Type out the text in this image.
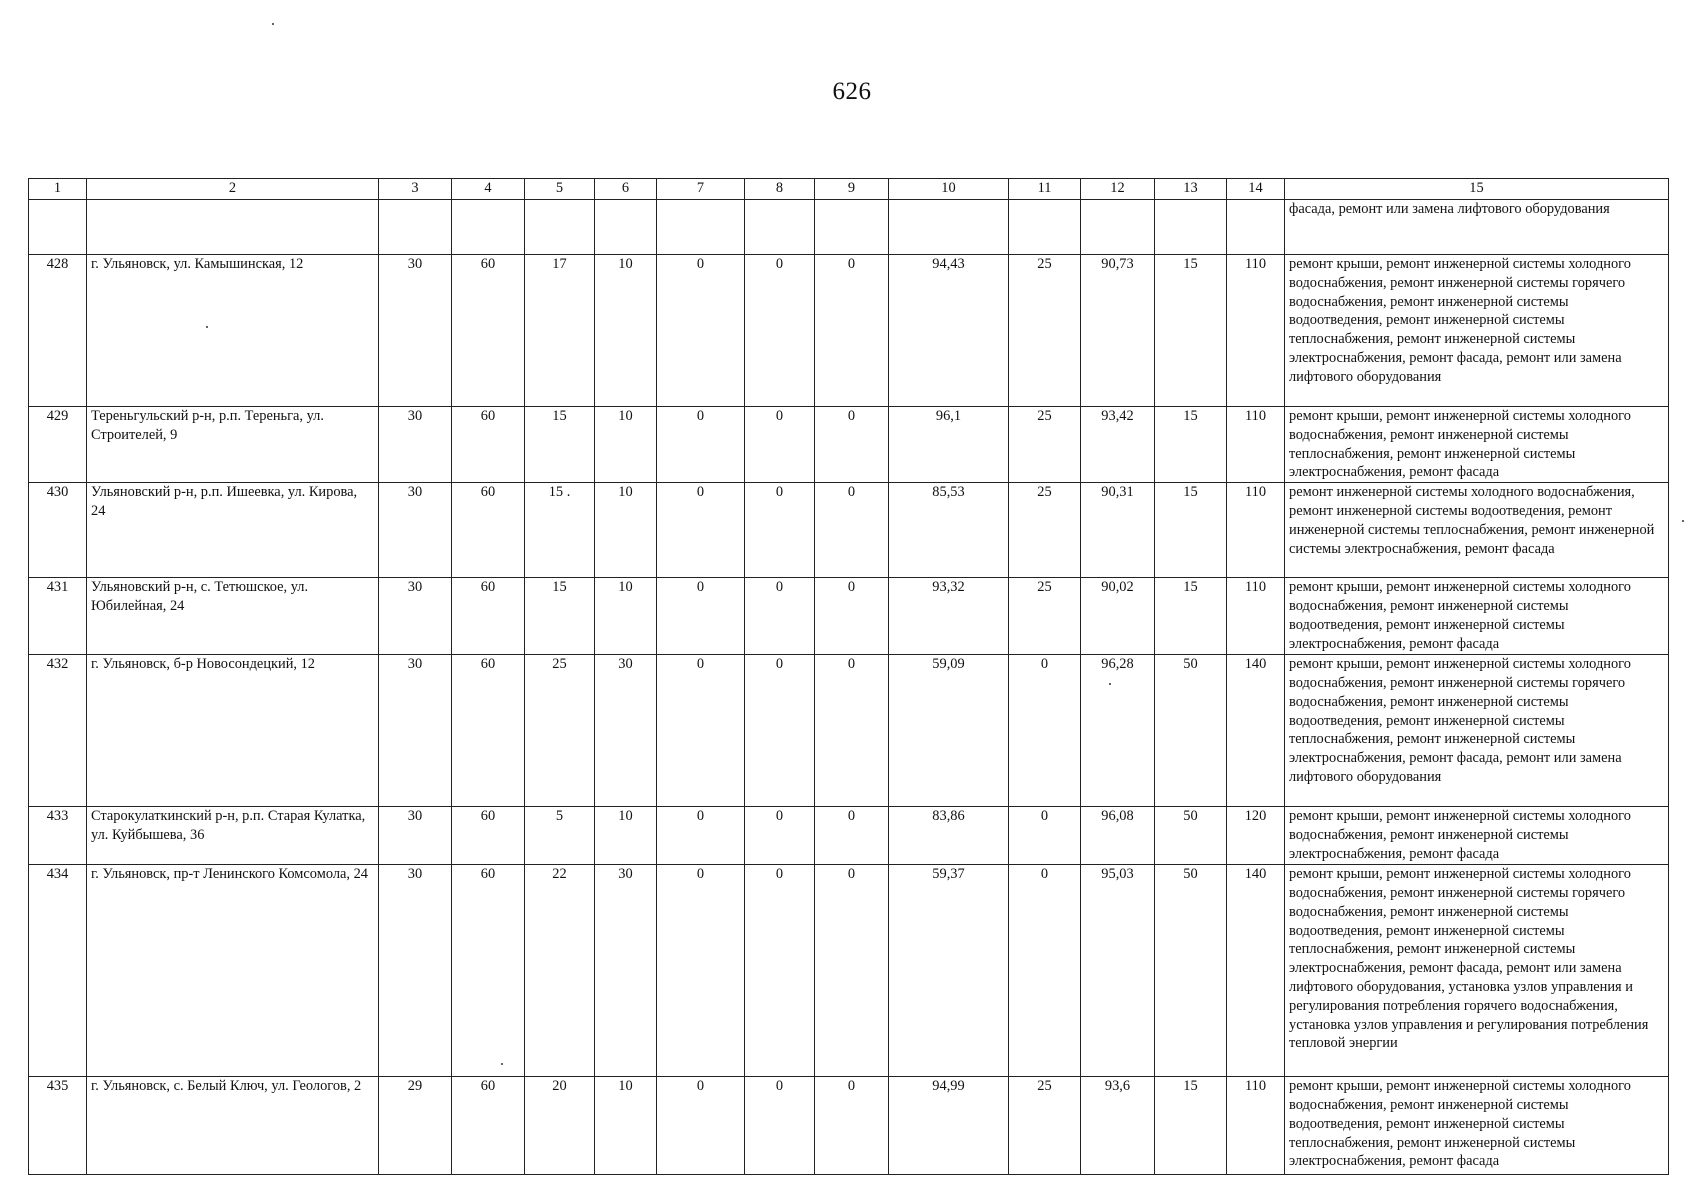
626
1	2	3	4	5	6	7	8	9	10	11	12	13	14	15
														фасада, ремонт или замена лифтового оборудования
428	г. Ульяновск, ул. Камышинская, 12	30	60	17	10	0	0	0	94,43	25	90,73	15	110	ремонт крыши, ремонт инженерной системы холодного водоснабжения, ремонт инженерной системы горячего водоснабжения, ремонт инженерной системы водоотведения, ремонт инженерной системы теплоснабжения, ремонт инженерной системы электроснабжения, ремонт фасада, ремонт или замена лифтового оборудования
429	Тереньгульский р-н, р.п. Тереньга, ул. Строителей, 9	30	60	15	10	0	0	0	96,1	25	93,42	15	110	ремонт крыши, ремонт инженерной системы холодного водоснабжения, ремонт инженерной системы теплоснабжения, ремонт инженерной системы электроснабжения, ремонт фасада
430	Ульяновский р-н, р.п. Ишеевка, ул. Кирова, 24	30	60	15 .	10	0	0	0	85,53	25	90,31	15	110	ремонт инженерной системы холодного водоснабжения, ремонт инженерной системы водоотведения, ремонт инженерной системы теплоснабжения, ремонт инженерной системы электроснабжения, ремонт фасада
431	Ульяновский р-н, с. Тетюшское, ул. Юбилейная, 24	30	60	15	10	0	0	0	93,32	25	90,02	15	110	ремонт крыши, ремонт инженерной системы холодного водоснабжения, ремонт инженерной системы водоотведения, ремонт инженерной системы электроснабжения, ремонт фасада
432	г. Ульяновск, б-р Новосондецкий, 12	30	60	25	30	0	0	0	59,09	0	96,28	50	140	ремонт крыши, ремонт инженерной системы холодного водоснабжения, ремонт инженерной системы горячего водоснабжения, ремонт инженерной системы водоотведения, ремонт инженерной системы теплоснабжения, ремонт инженерной системы электроснабжения, ремонт фасада, ремонт или замена лифтового оборудования
433	Старокулаткинский р-н, р.п. Старая Кулатка, ул. Куйбышева, 36	30	60	5	10	0	0	0	83,86	0	96,08	50	120	ремонт крыши, ремонт инженерной системы холодного водоснабжения, ремонт инженерной системы электроснабжения, ремонт фасада
434	г. Ульяновск, пр-т Ленинского Комсомола, 24	30	60	22	30	0	0	0	59,37	0	95,03	50	140	ремонт крыши, ремонт инженерной системы холодного водоснабжения, ремонт инженерной системы горячего водоснабжения, ремонт инженерной системы водоотведения, ремонт инженерной системы теплоснабжения, ремонт инженерной системы электроснабжения, ремонт фасада, ремонт или замена лифтового оборудования, установка узлов управления и регулирования потребления горячего водоснабжения, установка узлов управления и регулирования потребления тепловой энергии
435	г. Ульяновск, с. Белый Ключ, ул. Геологов, 2	29	60	20	10	0	0	0	94,99	25	93,6	15	110	ремонт крыши, ремонт инженерной системы холодного водоснабжения, ремонт инженерной системы водоотведения, ремонт инженерной системы теплоснабжения, ремонт инженерной системы электроснабжения, ремонт фасада
